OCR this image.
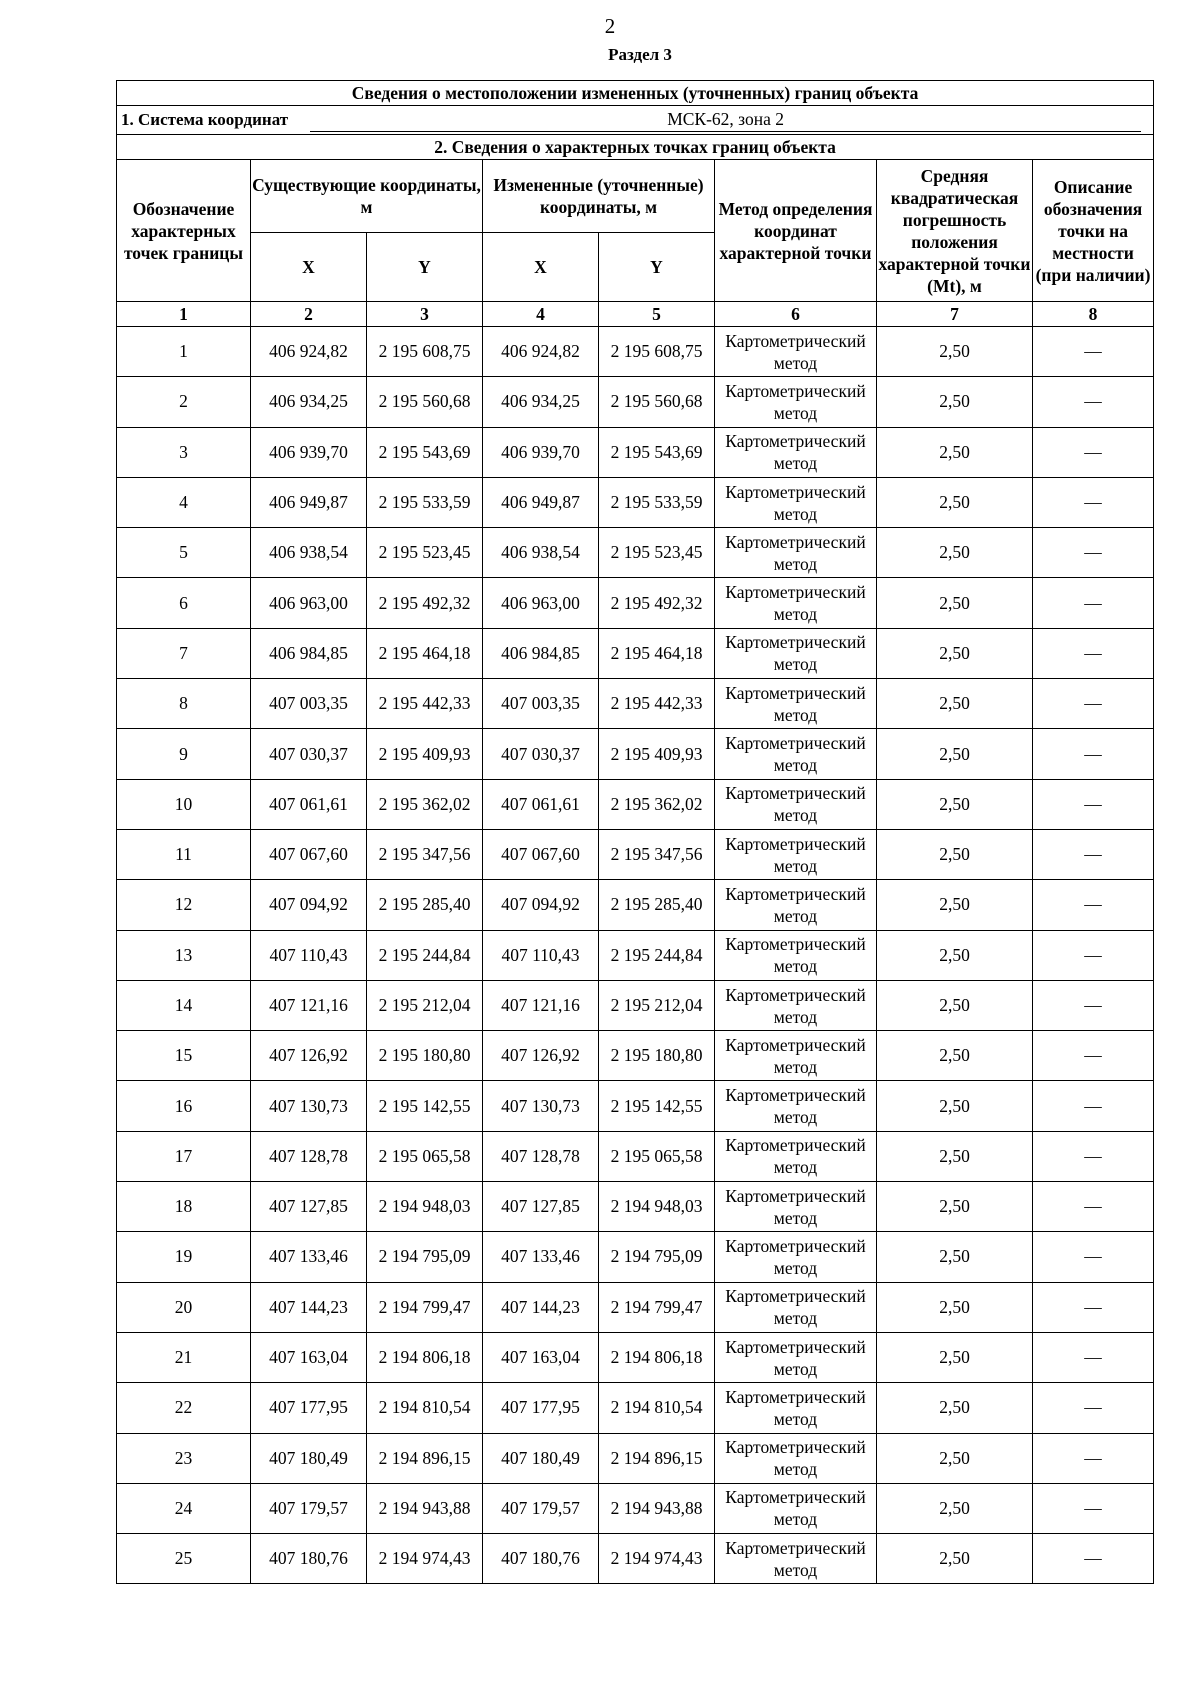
2
Раздел 3
Сведения о местоположении измененных (уточненных) границ объекта							

1. Система координат МСК-62, зона 2							

2. Сведения о характерных точках границ объекта							
Обозначение характерных точек границы	Существующие координаты, м		Измененные (уточненные) координаты, м		Метод определения координат характерной точки	Средняя квадратическая погрешность положения характерной точки (Mt), м	Описание обозначения точки на местности (при наличии)
	X	Y	X	Y			
1	2	3	4	5	6	7	8
1	406 924,82	2 195 608,75	406 924,82	2 195 608,75	Картометрический метод	2,50	—
2	406 934,25	2 195 560,68	406 934,25	2 195 560,68	Картометрический метод	2,50	—
3	406 939,70	2 195 543,69	406 939,70	2 195 543,69	Картометрический метод	2,50	—
4	406 949,87	2 195 533,59	406 949,87	2 195 533,59	Картометрический метод	2,50	—
5	406 938,54	2 195 523,45	406 938,54	2 195 523,45	Картометрический метод	2,50	—
6	406 963,00	2 195 492,32	406 963,00	2 195 492,32	Картометрический метод	2,50	—
7	406 984,85	2 195 464,18	406 984,85	2 195 464,18	Картометрический метод	2,50	—
8	407 003,35	2 195 442,33	407 003,35	2 195 442,33	Картометрический метод	2,50	—
9	407 030,37	2 195 409,93	407 030,37	2 195 409,93	Картометрический метод	2,50	—
10	407 061,61	2 195 362,02	407 061,61	2 195 362,02	Картометрический метод	2,50	—
11	407 067,60	2 195 347,56	407 067,60	2 195 347,56	Картометрический метод	2,50	—
12	407 094,92	2 195 285,40	407 094,92	2 195 285,40	Картометрический метод	2,50	—
13	407 110,43	2 195 244,84	407 110,43	2 195 244,84	Картометрический метод	2,50	—
14	407 121,16	2 195 212,04	407 121,16	2 195 212,04	Картометрический метод	2,50	—
15	407 126,92	2 195 180,80	407 126,92	2 195 180,80	Картометрический метод	2,50	—
16	407 130,73	2 195 142,55	407 130,73	2 195 142,55	Картометрический метод	2,50	—
17	407 128,78	2 195 065,58	407 128,78	2 195 065,58	Картометрический метод	2,50	—
18	407 127,85	2 194 948,03	407 127,85	2 194 948,03	Картометрический метод	2,50	—
19	407 133,46	2 194 795,09	407 133,46	2 194 795,09	Картометрический метод	2,50	—
20	407 144,23	2 194 799,47	407 144,23	2 194 799,47	Картометрический метод	2,50	—
21	407 163,04	2 194 806,18	407 163,04	2 194 806,18	Картометрический метод	2,50	—
22	407 177,95	2 194 810,54	407 177,95	2 194 810,54	Картометрический метод	2,50	—
23	407 180,49	2 194 896,15	407 180,49	2 194 896,15	Картометрический метод	2,50	—
24	407 179,57	2 194 943,88	407 179,57	2 194 943,88	Картометрический метод	2,50	—
25	407 180,76	2 194 974,43	407 180,76	2 194 974,43	Картометрический метод	2,50	—
